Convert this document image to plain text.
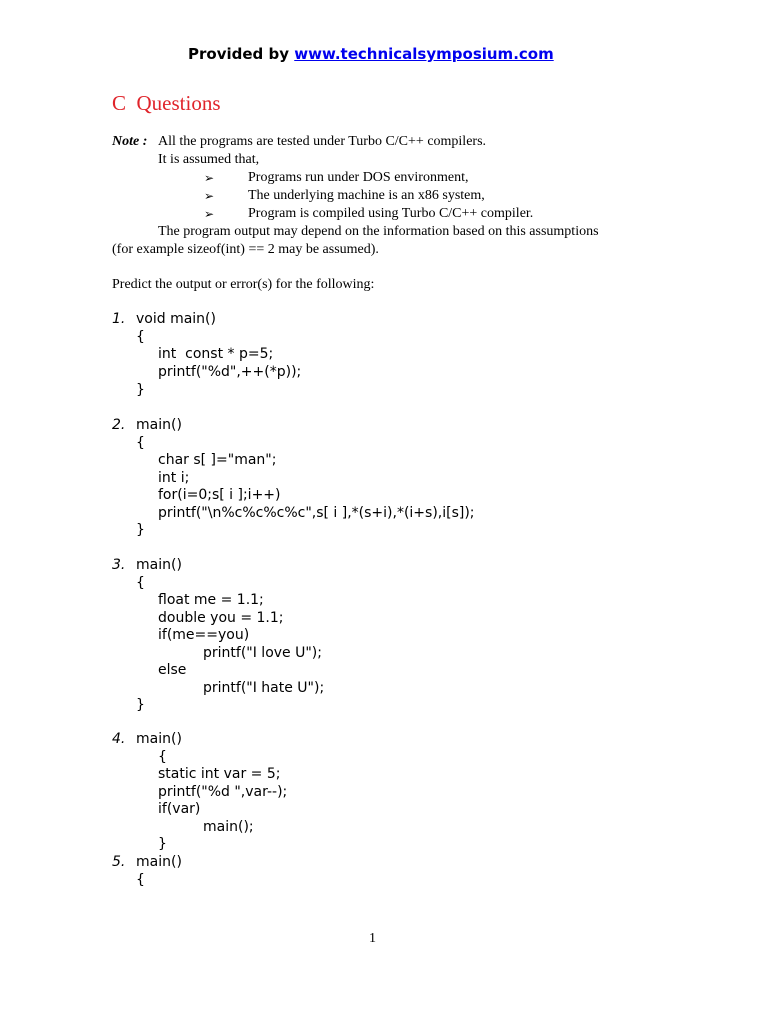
Provided by www.technicalsymposium.com
C  Questions
Note : All the programs are tested under Turbo C/C++ compilers.
It is assumed that,
➢ Programs run under DOS environment,
➢ The underlying machine is an x86 system,
➢ Program is compiled using Turbo C/C++ compiler.
The program output may depend on the information based on this assumptions
(for example sizeof(int) == 2 may be assumed).
Predict the output or error(s) for the following:
1. void main()
{
int  const * p=5;
printf("%d",++(*p));
}
2. main()
{
char s[ ]="man";
int i;
for(i=0;s[ i ];i++)
printf("\n%c%c%c%c",s[ i ],*(s+i),*(i+s),i[s]);
}
3. main()
{
float me = 1.1;
double you = 1.1;
if(me==you)
printf("I love U");
else
printf("I hate U");
}
4. main()
{
static int var = 5;
printf("%d ",var--);
if(var)
main();
}
5. main()
{
1
